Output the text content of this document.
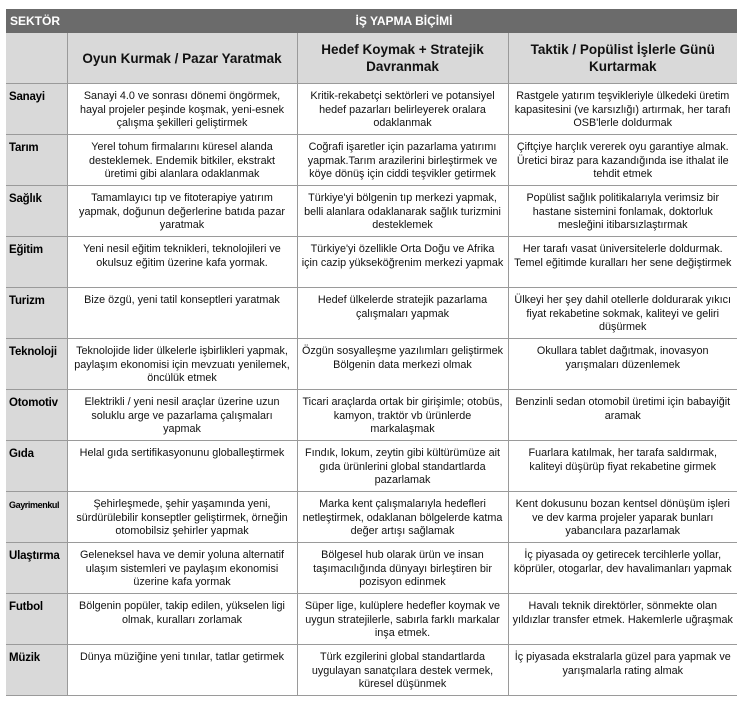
SEKTÖR	İŞ YAPMA BİÇİMİ		
	Oyun Kurmak / Pazar Yaratmak	Hedef Koymak + Stratejik Davranmak	Taktik / Popülist İşlerle Günü Kurtarmak
Sanayi	Sanayi 4.0 ve sonrası dönemi öngörmek, hayal projeler peşinde koşmak, yeni-esnek çalışma şekilleri geliştirmek	Kritik-rekabetçi sektörleri ve potansiyel hedef pazarları belirleyerek oralara odaklanmak	Rastgele yatırım teşvikleriyle ülkedeki üretim kapasitesini (ve karsızlığı) artırmak, her tarafı OSB'lerle doldurmak
Tarım	Yerel tohum firmalarını küresel alanda desteklemek. Endemik bitkiler, ekstrakt üretimi gibi alanlara odaklanmak	Coğrafi işaretler için pazarlama yatırımı yapmak.Tarım arazilerini birleştirmek ve köye dönüş için ciddi teşvikler getirmek	Çiftçiye harçlık vererek oyu garantiye almak. Üretici biraz para kazandığında ise ithalat ile tehdit etmek
Sağlık	Tamamlayıcı tıp ve fitoterapiye yatırım yapmak, doğunun değerlerine batıda pazar yaratmak	Türkiye'yi bölgenin tıp merkezi yapmak, belli alanlara odaklanarak sağlık turizmini desteklemek	Popülist sağlık politikalarıyla verimsiz bir hastane sistemini fonlamak, doktorluk mesleğini itibarsızlaştırmak
Eğitim	Yeni nesil eğitim teknikleri, teknolojileri ve okulsuz eğitim üzerine kafa yormak.	Türkiye'yi özellikle Orta Doğu ve Afrika için cazip yükseköğrenim merkezi yapmak	Her tarafı vasat üniversitelerle doldurmak. Temel eğitimde kuralları her sene değiştirmek
Turizm	Bize özgü, yeni tatil konseptleri yaratmak	Hedef ülkelerde stratejik pazarlama çalışmaları yapmak	Ülkeyi her şey dahil otellerle doldurarak yıkıcı fiyat rekabetine sokmak, kaliteyi ve geliri düşürmek
Teknoloji	Teknolojide lider ülkelerle işbirlikleri yapmak, paylaşım ekonomisi için mevzuatı yenilemek, öncülük etmek	Özgün sosyalleşme yazılımları geliştirmek Bölgenin data merkezi olmak	Okullara tablet dağıtmak, inovasyon yarışmaları düzenlemek
Otomotiv	Elektrikli / yeni nesil araçlar üzerine uzun soluklu arge ve pazarlama çalışmaları yapmak	Ticari araçlarda ortak bir girişimle; otobüs, kamyon, traktör vb ürünlerde markalaşmak	Benzinli sedan otomobil üretimi için babayiğit aramak
Gıda	Helal gıda sertifikasyonunu globalleştirmek	Fındık, lokum, zeytin gibi kültürümüze ait gıda ürünlerini global standartlarda pazarlamak	Fuarlara katılmak, her tarafa saldırmak, kaliteyi düşürüp fiyat rekabetine girmek
Gayrimenkul	Şehirleşmede, şehir yaşamında yeni, sürdürülebilir konseptler geliştirmek, örneğin otomobilsiz şehirler yapmak	Marka kent çalışmalarıyla hedefleri netleştirmek, odaklanan bölgelerde katma değer artışı sağlamak	Kent dokusunu bozan kentsel dönüşüm işleri ve dev karma projeler yaparak bunları yabancılara pazarlamak
Ulaştırma	Geleneksel hava ve demir yoluna alternatif ulaşım sistemleri ve paylaşım ekonomisi üzerine kafa yormak	Bölgesel hub olarak ürün ve insan taşımacılığında dünyayı birleştiren bir pozisyon edinmek	İç piyasada oy getirecek tercihlerle yollar, köprüler, otogarlar, dev havalimanları yapmak
Futbol	Bölgenin popüler, takip edilen, yükselen ligi olmak, kuralları zorlamak	Süper lige, kulüplere hedefler koymak ve uygun stratejilerle, sabırla farklı markalar inşa etmek.	Havalı teknik direktörler, sönmekte olan yıldızlar transfer etmek. Hakemlerle uğraşmak
Müzik	Dünya müziğine yeni tınılar, tatlar getirmek	Türk ezgilerini global standartlarda uygulayan sanatçılara destek vermek, küresel düşünmek	İç piyasada ekstralarla güzel para yapmak ve yarışmalarla rating almak
